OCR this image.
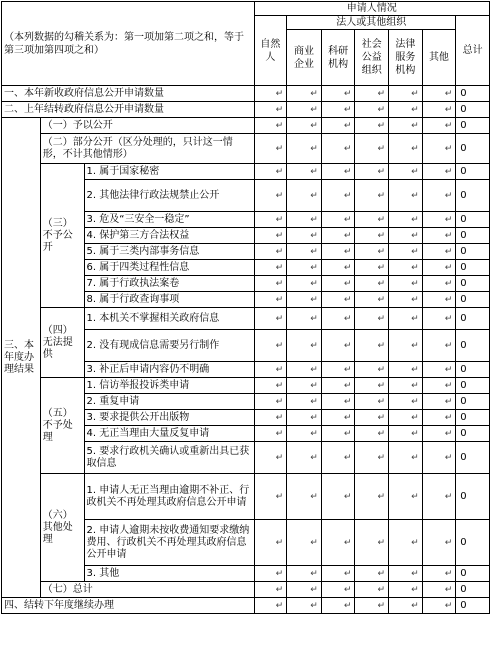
（本列数据的勾稽关系为：第一项加第二项之和，等于第三项加第四项之和）			申请人情况						
			自然人	法人或其他组织					总计
				商业企业	科研机构	社会公益组织	法律服务机构	其他	
一、本年新收政府信息公开申请数量			↵	↵	↵	↵	↵	↵	0
二、上年结转政府信息公开申请数量			↵	↵	↵	↵	↵	↵	0
三、本年度办理结果	（一）予以公开		↵	↵	↵	↵	↵	↵	0
	（二）部分公开（区分处理的，只计这一情形，不计其他情形）		↵	↵	↵	↵	↵	↵	0
	（三）不予公开	1. 属于国家秘密	↵	↵	↵	↵	↵	↵	0
		2. 其他法律行政法规禁止公开	↵	↵	↵	↵	↵	↵	0
		3. 危及“三安全一稳定”	↵	↵	↵	↵	↵	↵	0
		4. 保护第三方合法权益	↵	↵	↵	↵	↵	↵	0
		5. 属于三类内部事务信息	↵	↵	↵	↵	↵	↵	0
		6. 属于四类过程性信息	↵	↵	↵	↵	↵	↵	0
		7. 属于行政执法案卷	↵	↵	↵	↵	↵	↵	0
		8. 属于行政查询事项	↵	↵	↵	↵	↵	↵	0
	（四）无法提供	1. 本机关不掌握相关政府信息	↵	↵	↵	↵	↵	↵	0
		2. 没有现成信息需要另行制作	↵	↵	↵	↵	↵	↵	0
		3. 补正后申请内容仍不明确	↵	↵	↵	↵	↵	↵	0
	（五）不予处理	1. 信访举报投诉类申请	↵	↵	↵	↵	↵	↵	0
		2. 重复申请	↵	↵	↵	↵	↵	↵	0
		3. 要求提供公开出版物	↵	↵	↵	↵	↵	↵	0
		4. 无正当理由大量反复申请	↵	↵	↵	↵	↵	↵	0
		5. 要求行政机关确认或重新出具已获取信息	↵	↵	↵	↵	↵	↵	0
	（六）其他处理	1. 申请人无正当理由逾期不补正、行政机关不再处理其政府信息公开申请	↵	↵	↵	↵	↵	↵	0
		2. 申请人逾期未按收费通知要求缴纳费用、行政机关不再处理其政府信息公开申请	↵	↵	↵	↵	↵	↵	0
		3. 其他	↵	↵	↵	↵	↵	↵	0
	（七）总计		↵	↵	↵	↵	↵	↵	0
四、结转下年度继续办理			↵	↵	↵	↵	↵	↵	0
